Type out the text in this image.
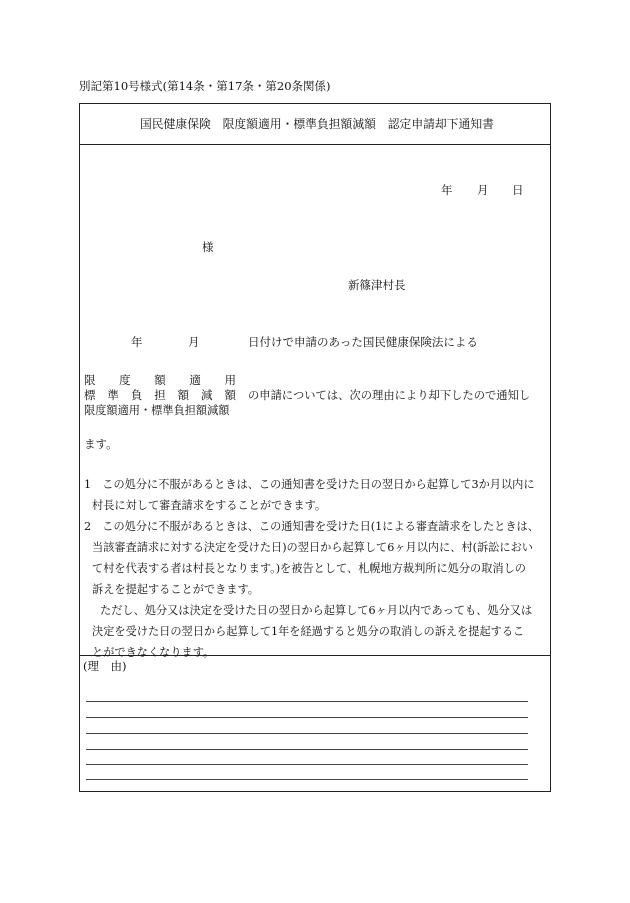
別記第10号様式(第14条・第17条・第20条関係)
国民健康保険　限度額適用・標準負担額減額　認定申請却下通知書
年 月 日
様
新篠津村長
年	月	日付けで申請のあった国民健康保険法による
限 度 額 適 用
標 準 負 担 額 減 額
限度額適用・標準負担額減額
の申請については、次の理由により却下したので通知し
ます。
1　この処分に不服があるときは、この通知書を受けた日の翌日から起算して3か月以内に
村長に対して審査請求をすることができます。
2　この処分に不服があるときは、この通知書を受けた日(1による審査請求をしたときは、
当該審査請求に対する決定を受けた日)の翌日から起算して6ヶ月以内に、村(訴訟におい
て村を代表する者は村長となります。)を被告として、札幌地方裁判所に処分の取消しの
訴えを提起することができます。
ただし、処分又は決定を受けた日の翌日から起算して6ヶ月以内であっても、処分又は
決定を受けた日の翌日から起算して1年を経過すると処分の取消しの訴えを提起するこ
とができなくなります。
(理　由)
